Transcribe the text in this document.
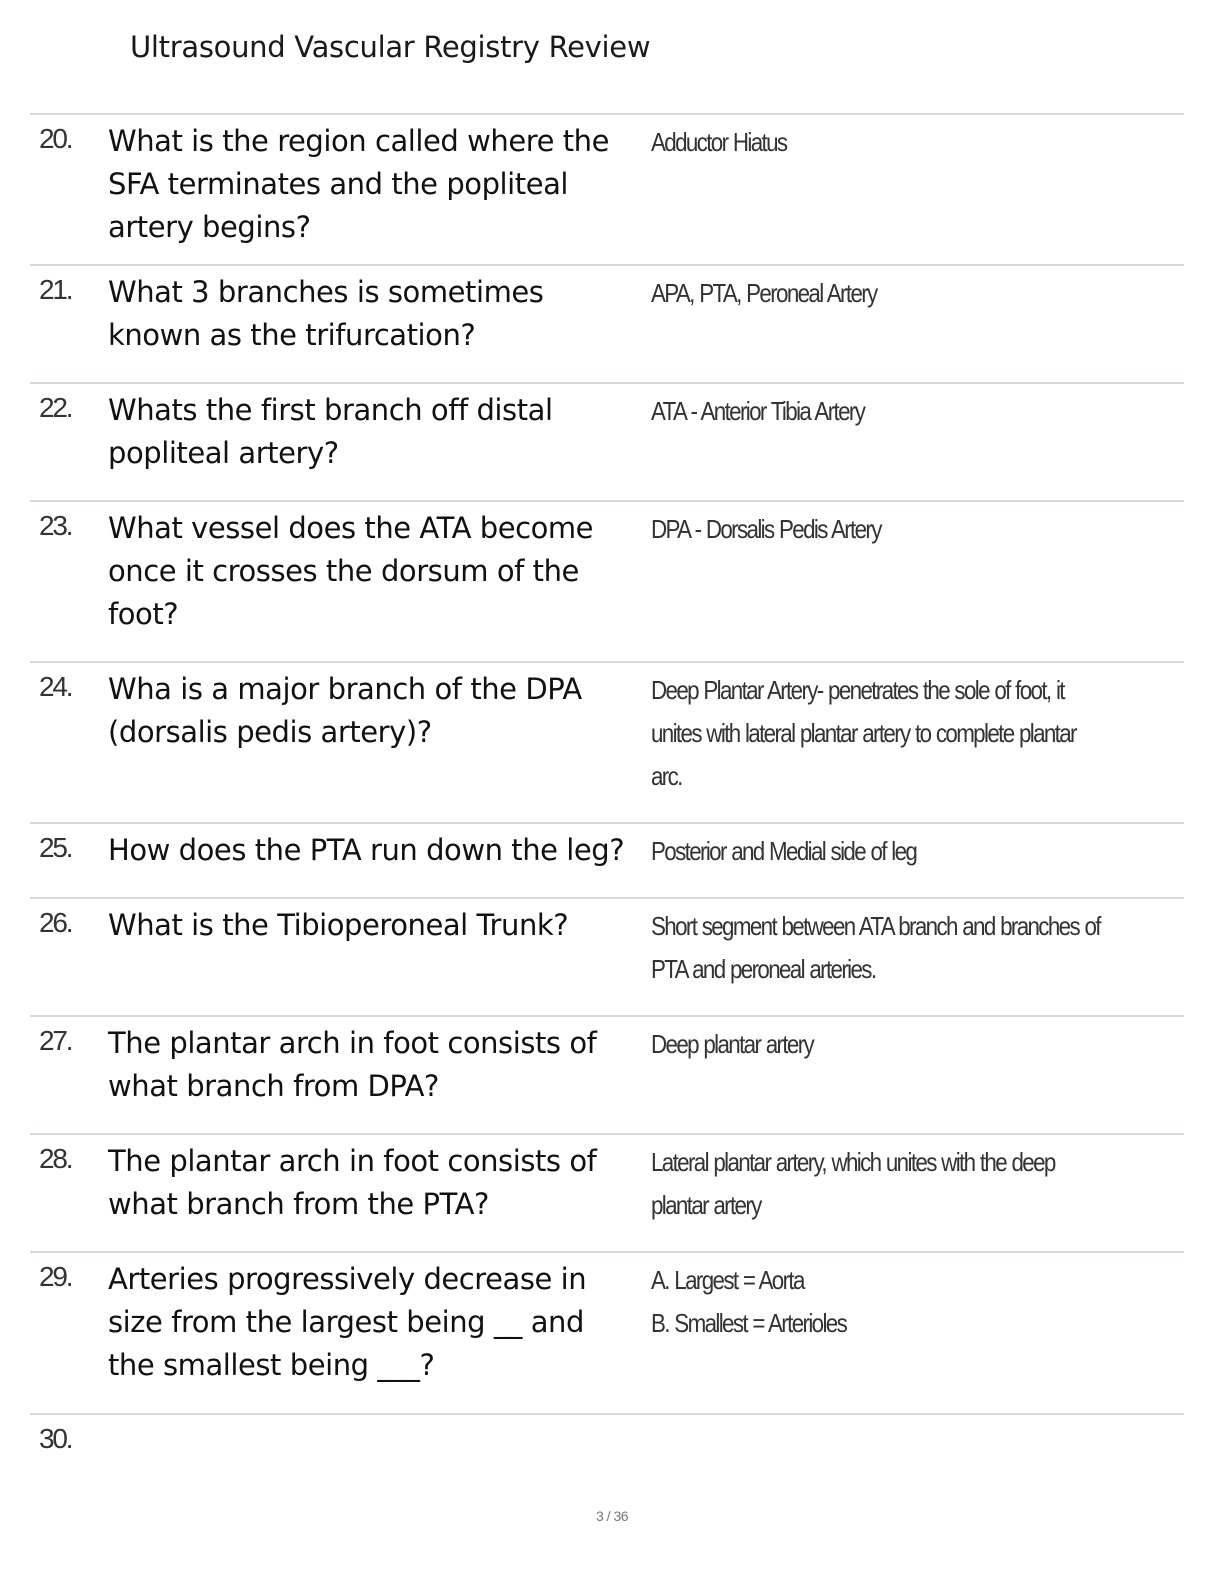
Ultrasound Vascular Registry Review
20. What is the region called where the
SFA terminates and the popliteal
artery begins?
Adductor Hiatus
21. What 3 branches is sometimes
known as the trifurcation?
APA, PTA, Peroneal Artery
22. Whats the first branch off distal
popliteal artery?
ATA - Anterior Tibia Artery
23. What vessel does the ATA become
once it crosses the dorsum of the
foot?
DPA - Dorsalis Pedis Artery
24. Wha is a major branch of the DPA
(dorsalis pedis artery)?
Deep Plantar Artery- penetrates the sole of foot, it
unites with lateral plantar artery to complete plantar
arc.
25. How does the PTA run down the leg?	Posterior and Medial side of leg
26. What is the Tibioperoneal Trunk?	Short segment between ATA branch and branches of
PTA and peroneal arteries.
27. The plantar arch in foot consists of
what branch from DPA?
Deep plantar artery
28. The plantar arch in foot consists of
what branch from the PTA?
Lateral plantar artery, which unites with the deep
plantar artery
29. Arteries progressively decrease in
size from the largest being __ and
the smallest being ___?
A. Largest = Aorta
B. Smallest = Arterioles
30.
3 / 36
